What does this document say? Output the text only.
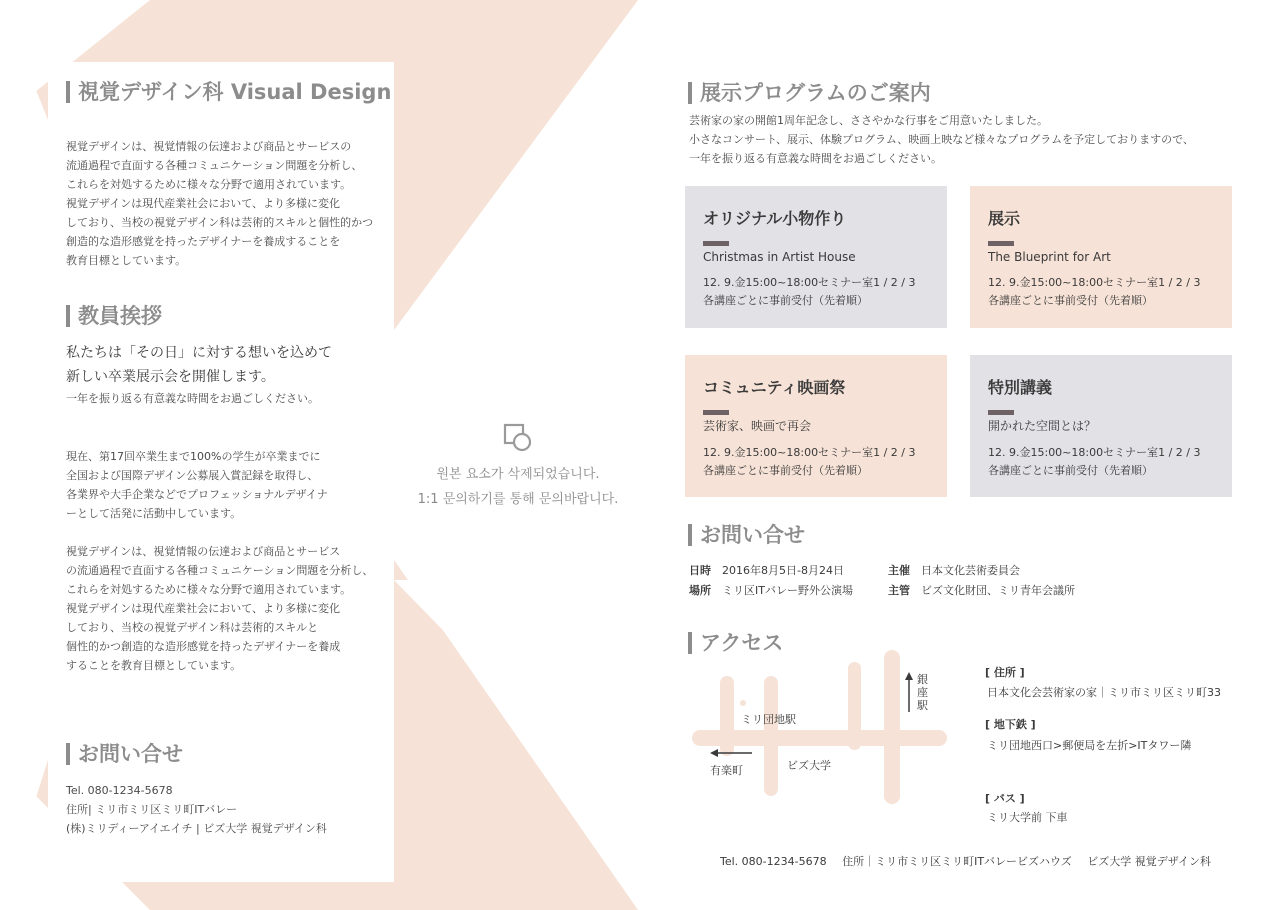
視覚デザイン科 Visual Design
視覚デザインは、視覚情報の伝達および商品とサービスの
流通過程で直面する各種コミュニケーション問題を分析し、
これらを対処するために様々な分野で適用されています。
視覚デザインは現代産業社会において、より多様に変化
しており、当校の視覚デザイン科は芸術的スキルと個性的かつ
創造的な造形感覚を持ったデザイナーを養成することを
教育目標としています。
教員挨拶
私たちは「その日」に対する想いを込めて
新しい卒業展示会を開催します。
一年を振り返る有意義な時間をお過ごしください。
現在、第17回卒業生まで100%の学生が卒業までに
全国および国際デザイン公募展入賞記録を取得し、
各業界や大手企業などでプロフェッショナルデザイナ
ーとして活発に活動中しています。
視覚デザインは、視覚情報の伝達および商品とサービス
の流通過程で直面する各種コミュニケーション問題を分析し、
これらを対処するために様々な分野で適用されています。
視覚デザインは現代産業社会において、より多様に変化
しており、当校の視覚デザイン科は芸術的スキルと
個性的かつ創造的な造形感覚を持ったデザイナーを養成
することを教育目標としています。
お問い合せ
Tel. 080-1234-5678
住所| ミリ市ミリ区ミリ町ITバレー
(株)ミリディーアイエイチ | ビズ大学 視覚デザイン科
원본 요소가 삭제되었습니다.
1:1 문의하기를 통해 문의바랍니다.
展示プログラムのご案内
芸術家の家の開館1周年記念し、ささやかな行事をご用意いたしました。
小さなコンサート、展示、体験プログラム、映画上映など様々なプログラムを予定しておりますので、
一年を振り返る有意義な時間をお過ごしください。
オリジナル小物作り
Christmas in Artist House
12. 9.金15:00~18:00セミナー室1 / 2 / 3
各講座ごとに事前受付（先着順）
展示
The Blueprint for Art
12. 9.金15:00~18:00セミナー室1 / 2 / 3
各講座ごとに事前受付（先着順）
コミュニティ映画祭
芸術家、映画で再会
12. 9.金15:00~18:00セミナー室1 / 2 / 3
各講座ごとに事前受付（先着順）
特別講義
開かれた空間とは？
12. 9.金15:00~18:00セミナー室1 / 2 / 3
各講座ごとに事前受付（先着順）
お問い合せ
日時 2016年8月5日-8月24日
場所 ミリ区ITバレー野外公演場
主催 日本文化芸術委員会
主管 ビズ文化財団、ミリ青年会議所
アクセス
ミリ団地駅
ビズ大学
有楽町
銀座駅
[ 住所 ]
日本文化会芸術家の家｜ミリ市ミリ区ミリ町33
[ 地下鉄 ]
ミリ団地西口>郵便局を左折>ITタワー隣
[ バス ]
ミリ大学前 下車
Tel. 080-1234-5678 住所｜ミリ市ミリ区ミリ町ITバレービズハウズ ビズ大学 視覚デザイン科
